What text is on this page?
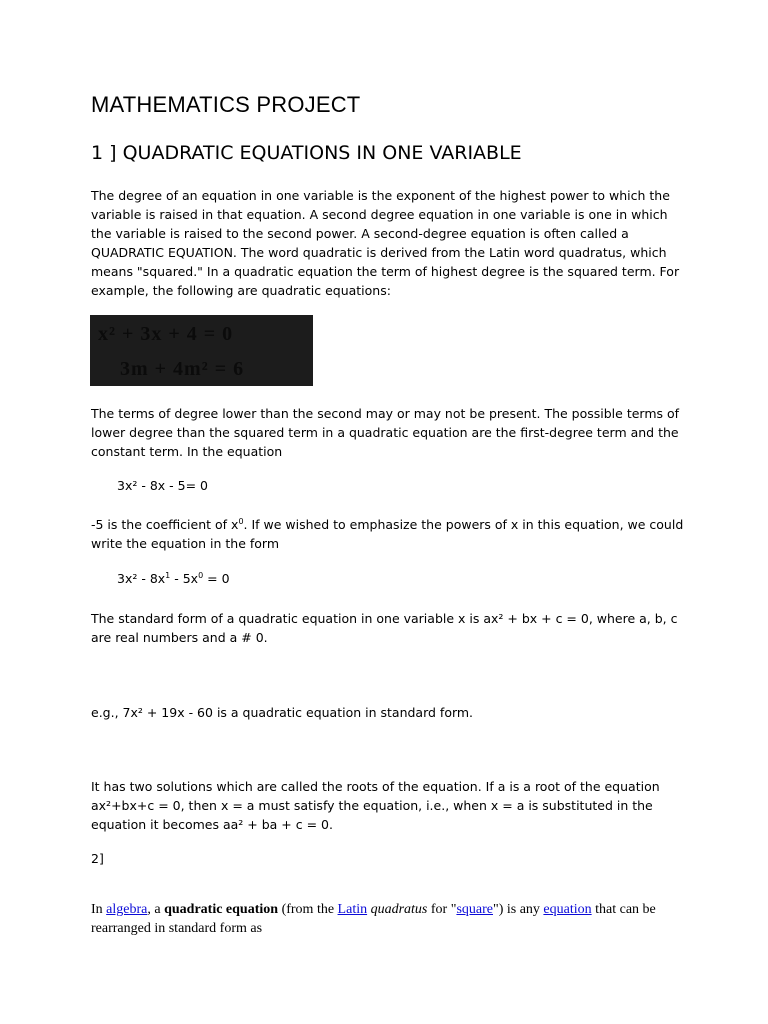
MATHEMATICS PROJECT
1 ] QUADRATIC EQUATIONS IN ONE VARIABLE

The degree of an equation in one variable is the exponent of the highest power to which the variable is raised in that equation. A second degree equation in one variable is one in which the variable is raised to the second power. A second-degree equation is often called a QUADRATIC EQUATION. The word quadratic is derived from the Latin word quadratus, which means "squared." In a quadratic equation the term of highest degree is the squared term. For example, the following are quadratic equations:

x² + 3x + 4 = 0
3m + 4m² = 6

The terms of degree lower than the second may or may not be present. The possible terms of lower degree than the squared term in a quadratic equation are the first-degree term and the constant term. In the equation

3x² - 8x - 5= 0

-5 is the coefficient of $x^0$. If we wished to emphasize the powers of x in this equation, we could write the equation in the form

$3x^2 - 8x^1 - 5x^0 = 0$

The standard form of a quadratic equation in one variable x is ax² + bx + c = 0, where a, b, c are real numbers and a # 0.

e.g., 7x² + 19x - 60 is a quadratic equation in standard form.

It has two solutions which are called the roots of the equation. If a is a root of the equation ax²+bx+c = 0, then x = a must satisfy the equation, i.e., when x = a is substituted in the equation it becomes aa² + ba + c = 0.

2]

In algebra, a quadratic equation (from the Latin quadratus for "square") is any equation that can be rearranged in standard form as
